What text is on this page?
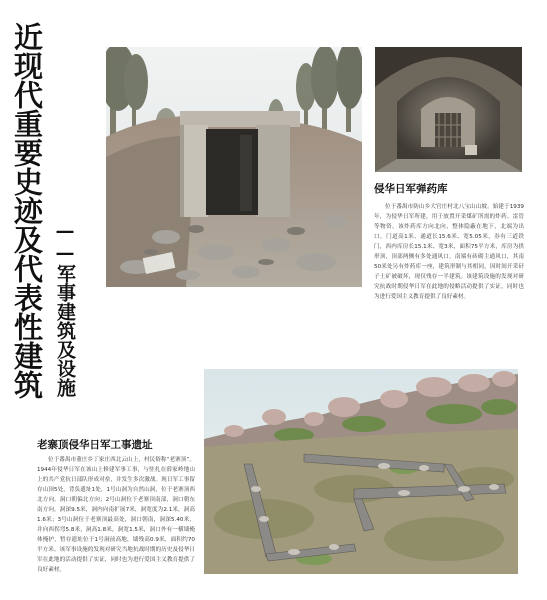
近现代重要史迹及代表性建筑 ——军事建筑及设施
侵华日军弹药库

位于番禺市防山乡大官庄村北八宝山山坡。始建于1939年，为侵华日军所建，用于放置开采煤矿所需的炸药、雷管等物资。该炸药库方向北向，整体隐蔽在地下，北端为出口，门道高1米、通道长15.6米、宽5.05米，券有三道铁门，西内库房长15.1米、宽3米，面积75平方米，库房为拱形顶，顶部两侧有多处通风口，南端有砖砌主通风口，其南50米处另有炸药库一座，建筑形制与其相同，因时间开采矸子土矿被破坏，现仅残存一半建筑。该建筑设施的发现对研究抗战时期侵华日军在此地的侵略活动提供了实证，同时也为进行爱国主义教育提供了良好素材。

老寨顶侵华日军工事遗址

位于番禺市董庄乡丁家庄西北云山上，村民俗称“老寨顶”。1944年侵华日军在该山上修建军事工事，与驻扎在薛家岭地山上的共产党抗日部队形成对垒，并发生多次激战。现日军工事留存山顶5处，背负遗址1处，1号山洞为自然山洞，位于老寨顶西北方向。洞口朝偏北方向；2号山洞位于老寨顶南部，洞口朝东南方向，洞深9.5米，洞内向南扩展7米，洞宽度为2.1米，洞高1.6米；3号山洞位于老寨顶最高处，洞口朝南，洞深5.40米，并向西拐弯5.8米，洞高1.8米，洞宽1.5米，洞口外有一横墙掩体掩护，暂存遗址位于1号洞前高地，墙残高0.9米，面积约70平方米。该军事设施的发现对研究当地抗战时期的历史及侵华日军在此地的活动提供了实证，同时也为进行爱国主义教育提供了良好素材。
